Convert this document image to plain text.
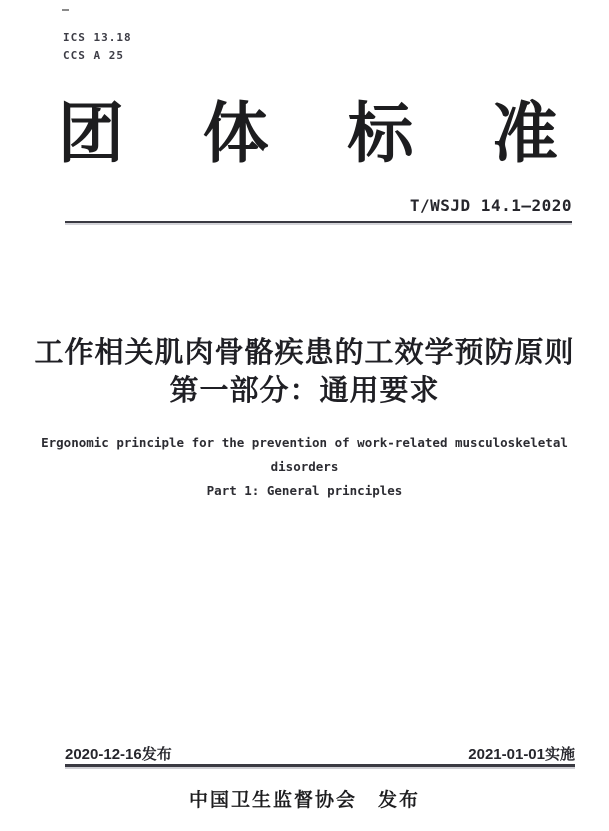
ICS 13.18
CCS A 25
团 体 标 准
T/WSJD 14.1—2020
工作相关肌肉骨骼疾患的工效学预防原则
第一部分：通用要求
Ergonomic principle for the prevention of work-related musculoskeletal
disorders
Part 1: General principles
2020-12-16发布	2021-01-01实施
中国卫生监督协会　发布
